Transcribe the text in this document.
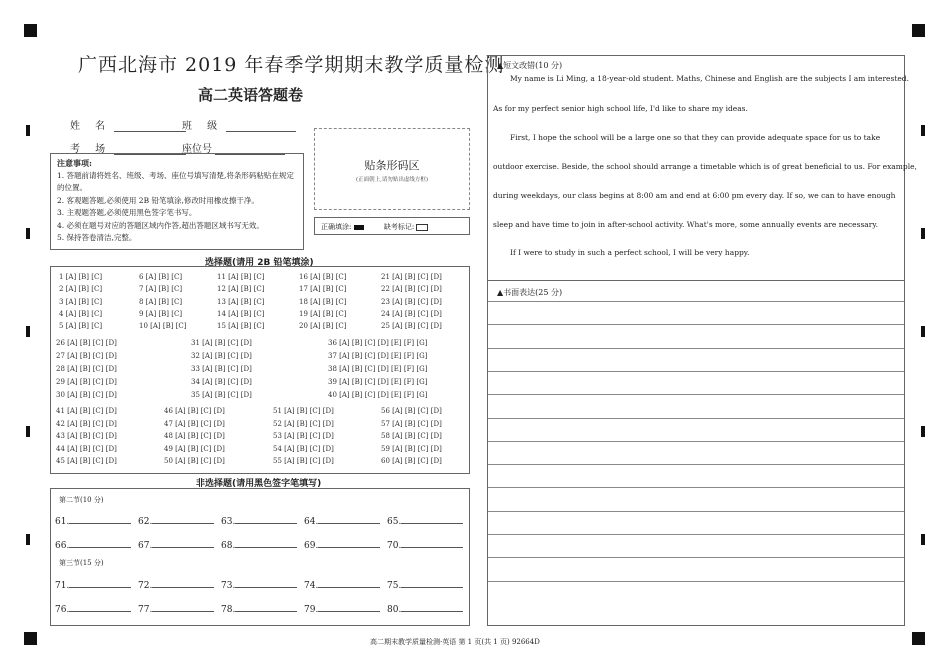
广西北海市 2019 年春季学期期末教学质量检测
高二英语答题卷
姓 名	班 级
考 场	座位号
注意事项:
1. 答题前请将姓名、班级、考场、座位号填写清楚,将条形码粘贴在规定的位置。
2. 客观题答题,必须使用 2B 铅笔填涂,修改时用橡皮擦干净。
3. 主观题答题,必须使用黑色签字笔书写。
4. 必须在题号对应的答题区域内作答,超出答题区域书写无效。
5. 保持答卷清洁,完整。
贴条形码区
(正面朝上,请勿贴出虚线方框)
正确填涂:	缺考标记:
选择题(请用 2B 铅笔填涂)
1 [A] [B] [C]
2 [A] [B] [C]
3 [A] [B] [C]
4 [A] [B] [C]
5 [A] [B] [C]
6 [A] [B] [C]
7 [A] [B] [C]
8 [A] [B] [C]
9 [A] [B] [C]
10 [A] [B] [C]
11 [A] [B] [C]
12 [A] [B] [C]
13 [A] [B] [C]
14 [A] [B] [C]
15 [A] [B] [C]
16 [A] [B] [C]
17 [A] [B] [C]
18 [A] [B] [C]
19 [A] [B] [C]
20 [A] [B] [C]
21 [A] [B] [C] [D]
22 [A] [B] [C] [D]
23 [A] [B] [C] [D]
24 [A] [B] [C] [D]
25 [A] [B] [C] [D]
26 [A] [B] [C] [D]
27 [A] [B] [C] [D]
28 [A] [B] [C] [D]
29 [A] [B] [C] [D]
30 [A] [B] [C] [D]
31 [A] [B] [C] [D]
32 [A] [B] [C] [D]
33 [A] [B] [C] [D]
34 [A] [B] [C] [D]
35 [A] [B] [C] [D]
36 [A] [B] [C] [D] [E] [F] [G]
37 [A] [B] [C] [D] [E] [F] [G]
38 [A] [B] [C] [D] [E] [F] [G]
39 [A] [B] [C] [D] [E] [F] [G]
40 [A] [B] [C] [D] [E] [F] [G]
41 [A] [B] [C] [D]
42 [A] [B] [C] [D]
43 [A] [B] [C] [D]
44 [A] [B] [C] [D]
45 [A] [B] [C] [D]
46 [A] [B] [C] [D]
47 [A] [B] [C] [D]
48 [A] [B] [C] [D]
49 [A] [B] [C] [D]
50 [A] [B] [C] [D]
51 [A] [B] [C] [D]
52 [A] [B] [C] [D]
53 [A] [B] [C] [D]
54 [A] [B] [C] [D]
55 [A] [B] [C] [D]
56 [A] [B] [C] [D]
57 [A] [B] [C] [D]
58 [A] [B] [C] [D]
59 [A] [B] [C] [D]
60 [A] [B] [C] [D]
非选择题(请用黑色签字笔填写)
第二节(10 分)
第三节(15 分)
61.	62.	63.	64.	65.
66.	67.	68.	69.	70.
71.	72.	73.	74.	75.
76.	77.	78.	79.	80.
▲短文改错(10 分)
My name is Li Ming, a 18-year-old student. Maths, Chinese and English are the subjects I am interested.
As for my perfect senior high school life, I'd like to share my ideas.
First, I hope the school will be a large one so that they can provide adequate space for us to take
outdoor exercise. Beside, the school should arrange a timetable which is of great beneficial to us. For example,
during weekdays, our class begins at 8:00 am and end at 6:00 pm every day. If so, we can to have enough
sleep and have time to join in after-school activity. What's more, some annually events are necessary.
If I were to study in such a perfect school, I will be very happy.
▲书面表达(25 分)
高二期末教学质量检测·英语 第 1 页(共 1 页) 92664D
